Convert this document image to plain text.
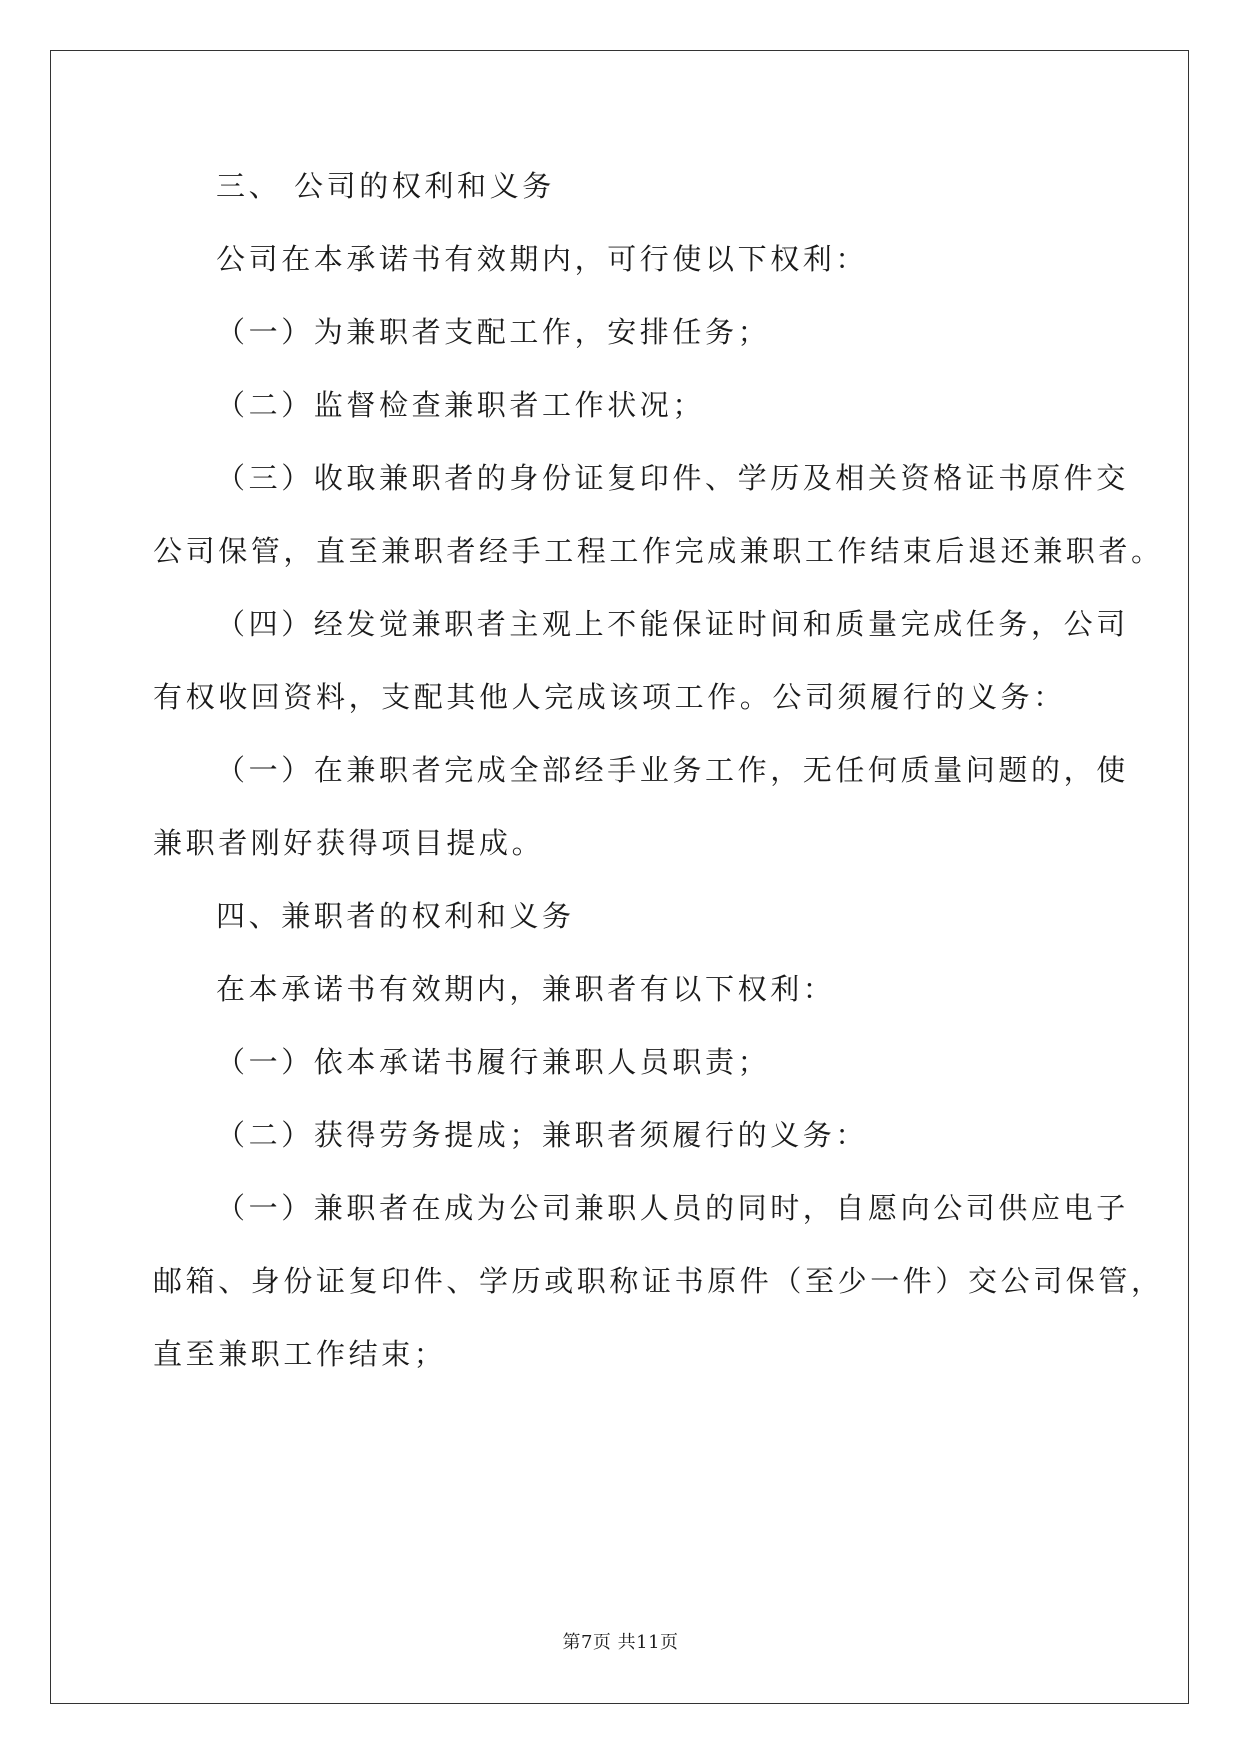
三、 公司的权利和义务
公司在本承诺书有效期内，可行使以下权利：
（一）为兼职者支配工作，安排任务；
（二）监督检查兼职者工作状况；
（三）收取兼职者的身份证复印件、学历及相关资格证书原件交
公司保管，直至兼职者经手工程工作完成兼职工作结束后退还兼职者。
（四）经发觉兼职者主观上不能保证时间和质量完成任务，公司
有权收回资料，支配其他人完成该项工作。公司须履行的义务：
（一）在兼职者完成全部经手业务工作，无任何质量问题的，使
兼职者刚好获得项目提成。
四、兼职者的权利和义务
在本承诺书有效期内，兼职者有以下权利：
（一）依本承诺书履行兼职人员职责；
（二）获得劳务提成；兼职者须履行的义务：
（一）兼职者在成为公司兼职人员的同时，自愿向公司供应电子
邮箱、身份证复印件、学历或职称证书原件（至少一件）交公司保管，
直至兼职工作结束；
第7页 共11页
